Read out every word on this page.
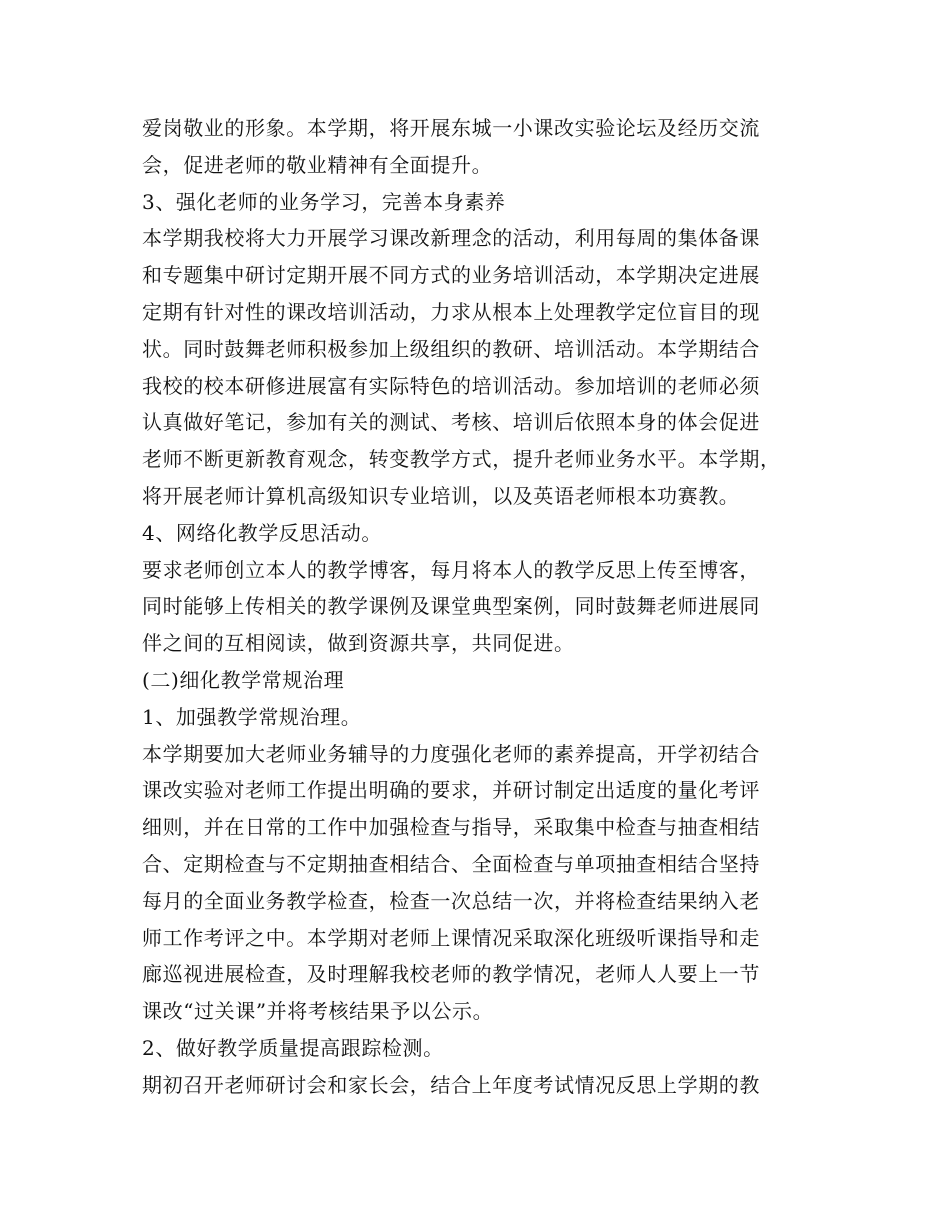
爱岗敬业的形象。本学期，将开展东城一小课改实验论坛及经历交流
会，促进老师的敬业精神有全面提升。
3、强化老师的业务学习，完善本身素养
本学期我校将大力开展学习课改新理念的活动，利用每周的集体备课
和专题集中研讨定期开展不同方式的业务培训活动，本学期决定进展
定期有针对性的课改培训活动，力求从根本上处理教学定位盲目的现
状。同时鼓舞老师积极参加上级组织的教研、培训活动。本学期结合
我校的校本研修进展富有实际特色的培训活动。参加培训的老师必须
认真做好笔记，参加有关的测试、考核、培训后依照本身的体会促进
老师不断更新教育观念，转变教学方式，提升老师业务水平。本学期，
将开展老师计算机高级知识专业培训，以及英语老师根本功赛教。
4、网络化教学反思活动。
要求老师创立本人的教学博客，每月将本人的教学反思上传至博客，
同时能够上传相关的教学课例及课堂典型案例，同时鼓舞老师进展同
伴之间的互相阅读，做到资源共享，共同促进。
(二)细化教学常规治理
1、加强教学常规治理。
本学期要加大老师业务辅导的力度强化老师的素养提高，开学初结合
课改实验对老师工作提出明确的要求，并研讨制定出适度的量化考评
细则，并在日常的工作中加强检查与指导，采取集中检查与抽查相结
合、定期检查与不定期抽查相结合、全面检查与单项抽查相结合坚持
每月的全面业务教学检查，检查一次总结一次，并将检查结果纳入老
师工作考评之中。本学期对老师上课情况采取深化班级听课指导和走
廊巡视进展检查，及时理解我校老师的教学情况，老师人人要上一节
课改“过关课”并将考核结果予以公示。
2、做好教学质量提高跟踪检测。
期初召开老师研讨会和家长会，结合上年度考试情况反思上学期的教
